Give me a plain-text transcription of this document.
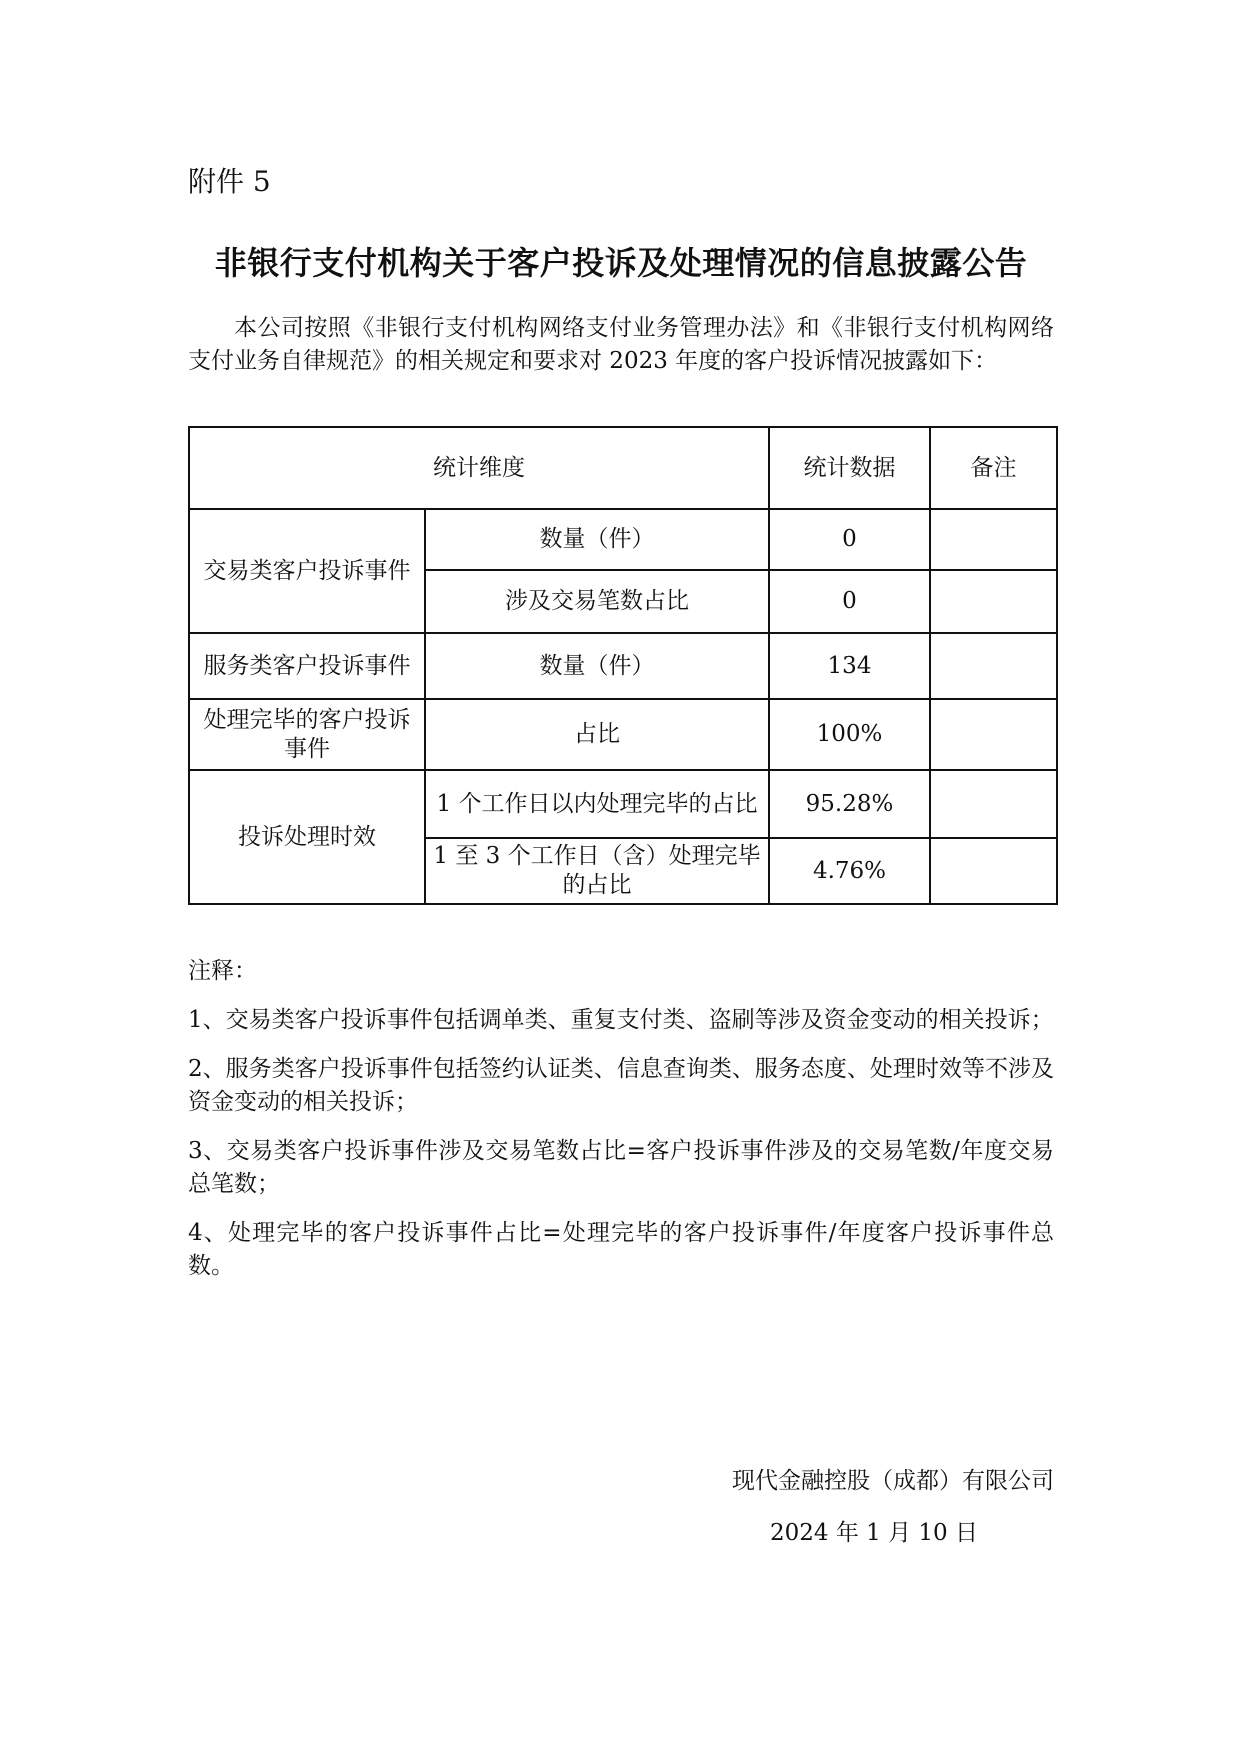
附件 5
非银行支付机构关于客户投诉及处理情况的信息披露公告
本公司按照《非银行支付机构网络支付业务管理办法》和《非银行支付机构网络支付业务自律规范》的相关规定和要求对 2023 年度的客户投诉情况披露如下：
统计维度		统计数据	备注
交易类客户投诉事件	数量（件）	0	
	涉及交易笔数占比	0	
服务类客户投诉事件	数量（件）	134	
处理完毕的客户投诉事件	占比	100%	
投诉处理时效	1 个工作日以内处理完毕的占比	95.28%	
	1 至 3 个工作日（含）处理完毕的占比	4.76%	
注释：
1、交易类客户投诉事件包括调单类、重复支付类、盗刷等涉及资金变动的相关投诉；
2、服务类客户投诉事件包括签约认证类、信息查询类、服务态度、处理时效等不涉及资金变动的相关投诉；
3、交易类客户投诉事件涉及交易笔数占比=客户投诉事件涉及的交易笔数/年度交易总笔数；
4、处理完毕的客户投诉事件占比=处理完毕的客户投诉事件/年度客户投诉事件总数。
现代金融控股（成都）有限公司
2024 年 1 月 10 日
